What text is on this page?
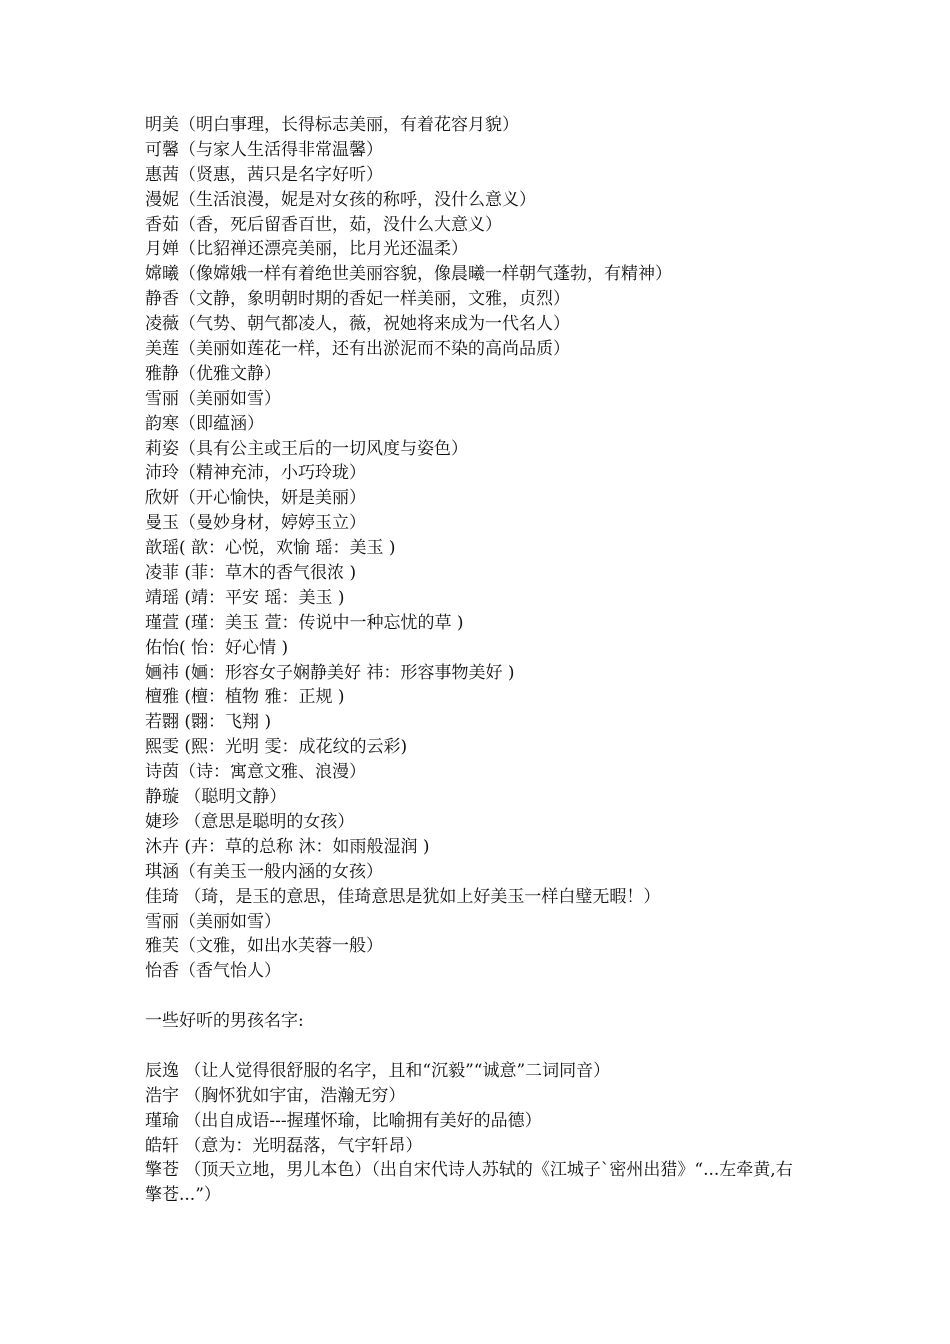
明美（明白事理，长得标志美丽，有着花容月貌）
可馨（与家人生活得非常温馨）
惠茜（贤惠，茜只是名字好听）
漫妮（生活浪漫，妮是对女孩的称呼，没什么意义）
香茹（香，死后留香百世，茹，没什么大意义）
月婵（比貂禅还漂亮美丽，比月光还温柔）
嫦曦（像嫦娥一样有着绝世美丽容貌，像晨曦一样朝气蓬勃，有精神）
静香（文静，象明朝时期的香妃一样美丽，文雅，贞烈）
凌薇（气势、朝气都凌人，薇，祝她将来成为一代名人）
美莲（美丽如莲花一样，还有出淤泥而不染的高尚品质）
雅静（优雅文静）
雪丽（美丽如雪）
韵寒（即蕴涵）
莉姿（具有公主或王后的一切风度与姿色）
沛玲（精神充沛，小巧玲珑）
欣妍（开心愉快，妍是美丽）
曼玉（曼妙身材，婷婷玉立）
歆瑶( 歆：心悦，欢愉 瑶：美玉 )
凌菲 (菲：草木的香气很浓 )
靖瑶 (靖：平安 瑶：美玉 )
瑾萱 (瑾：美玉 萱：传说中一种忘忧的草 )
佑怡( 怡：好心情 )
婳祎 (婳：形容女子娴静美好 祎：形容事物美好 )
檀雅 (檀：植物 雅：正规 )
若翾 (翾：飞翔 )
熙雯 (熙：光明 雯：成花纹的云彩)
诗茵（诗：寓意文雅、浪漫）
静璇 （聪明文静）
婕珍 （意思是聪明的女孩）
沐卉 (卉：草的总称 沐：如雨般湿润 )
琪涵（有美玉一般内涵的女孩）
佳琦 （琦，是玉的意思，佳琦意思是犹如上好美玉一样白璧无暇！）
雪丽（美丽如雪）
雅芙（文雅，如出水芙蓉一般）
怡香（香气怡人）
一些好听的男孩名字:
辰逸 （让人觉得很舒服的名字，且和“沉毅”“诚意”二词同音）
浩宇 （胸怀犹如宇宙，浩瀚无穷）
瑾瑜 （出自成语---握瑾怀瑜，比喻拥有美好的品德）
皓轩 （意为：光明磊落，气宇轩昂）
擎苍 （顶天立地，男儿本色）（出自宋代诗人苏轼的《江城子`密州出猎》“...左牵黄,右擎苍...”）
